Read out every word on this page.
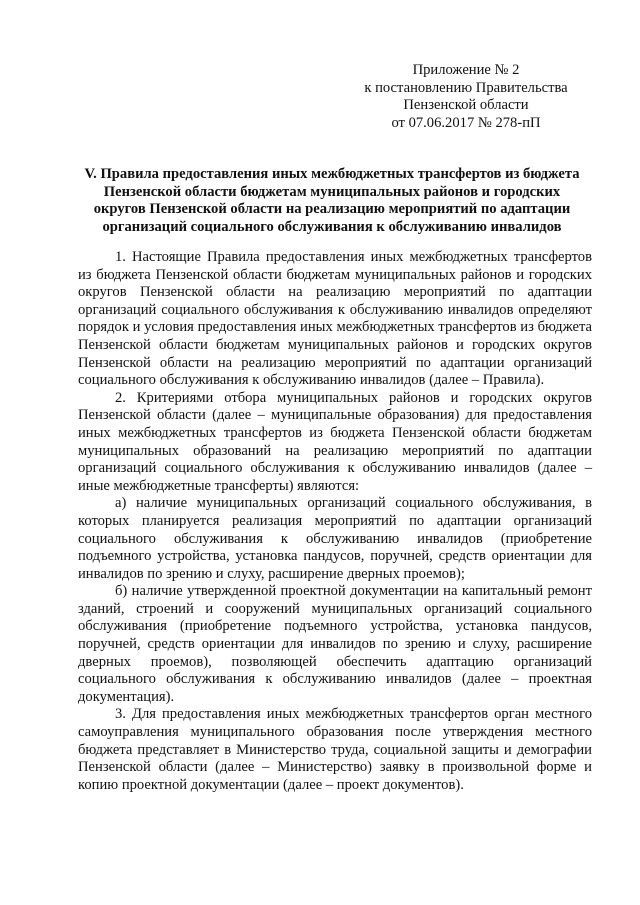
Приложение № 2
к постановлению Правительства
Пензенской области
от 07.06.2017 № 278-пП
V. Правила предоставления иных межбюджетных трансфертов из бюджета
Пензенской области бюджетам муниципальных районов и городских
округов Пензенской области на реализацию мероприятий по адаптации
организаций социального обслуживания к обслуживанию инвалидов

1. Настоящие Правила предоставления иных межбюджетных трансфертов из бюджета Пензенской области бюджетам муниципальных районов и городских округов Пензенской области на реализацию мероприятий по адаптации организаций социального обслуживания к обслуживанию инвалидов определяют порядок и условия предоставления иных межбюджетных трансфертов из бюджета Пензенской области бюджетам муниципальных районов и городских округов Пензенской области на реализацию мероприятий по адаптации организаций социального обслуживания к обслуживанию инвалидов (далее – Правила).

2. Критериями отбора муниципальных районов и городских округов Пензенской области (далее – муниципальные образования) для предоставления иных межбюджетных трансфертов из бюджета Пензенской области бюджетам муниципальных образований на реализацию мероприятий по адаптации организаций социального обслуживания к обслуживанию инвалидов (далее – иные межбюджетные трансферты) являются:

а) наличие муниципальных организаций социального обслуживания, в которых планируется реализация мероприятий по адаптации организаций социального обслуживания к обслуживанию инвалидов (приобретение подъемного устройства, установка пандусов, поручней, средств ориентации для инвалидов по зрению и слуху, расширение дверных проемов);

б) наличие утвержденной проектной документации на капитальный ремонт зданий, строений и сооружений муниципальных организаций социального обслуживания (приобретение подъемного устройства, установка пандусов, поручней, средств ориентации для инвалидов по зрению и слуху, расширение дверных проемов), позволяющей обеспечить адаптацию организаций социального обслуживания к обслуживанию инвалидов (далее – проектная документация).

3. Для предоставления иных межбюджетных трансфертов орган местного самоуправления муниципального образования после утверждения местного бюджета представляет в Министерство труда, социальной защиты и демографии Пензенской области (далее – Министерство) заявку в произвольной форме и копию проектной документации (далее – проект документов).
